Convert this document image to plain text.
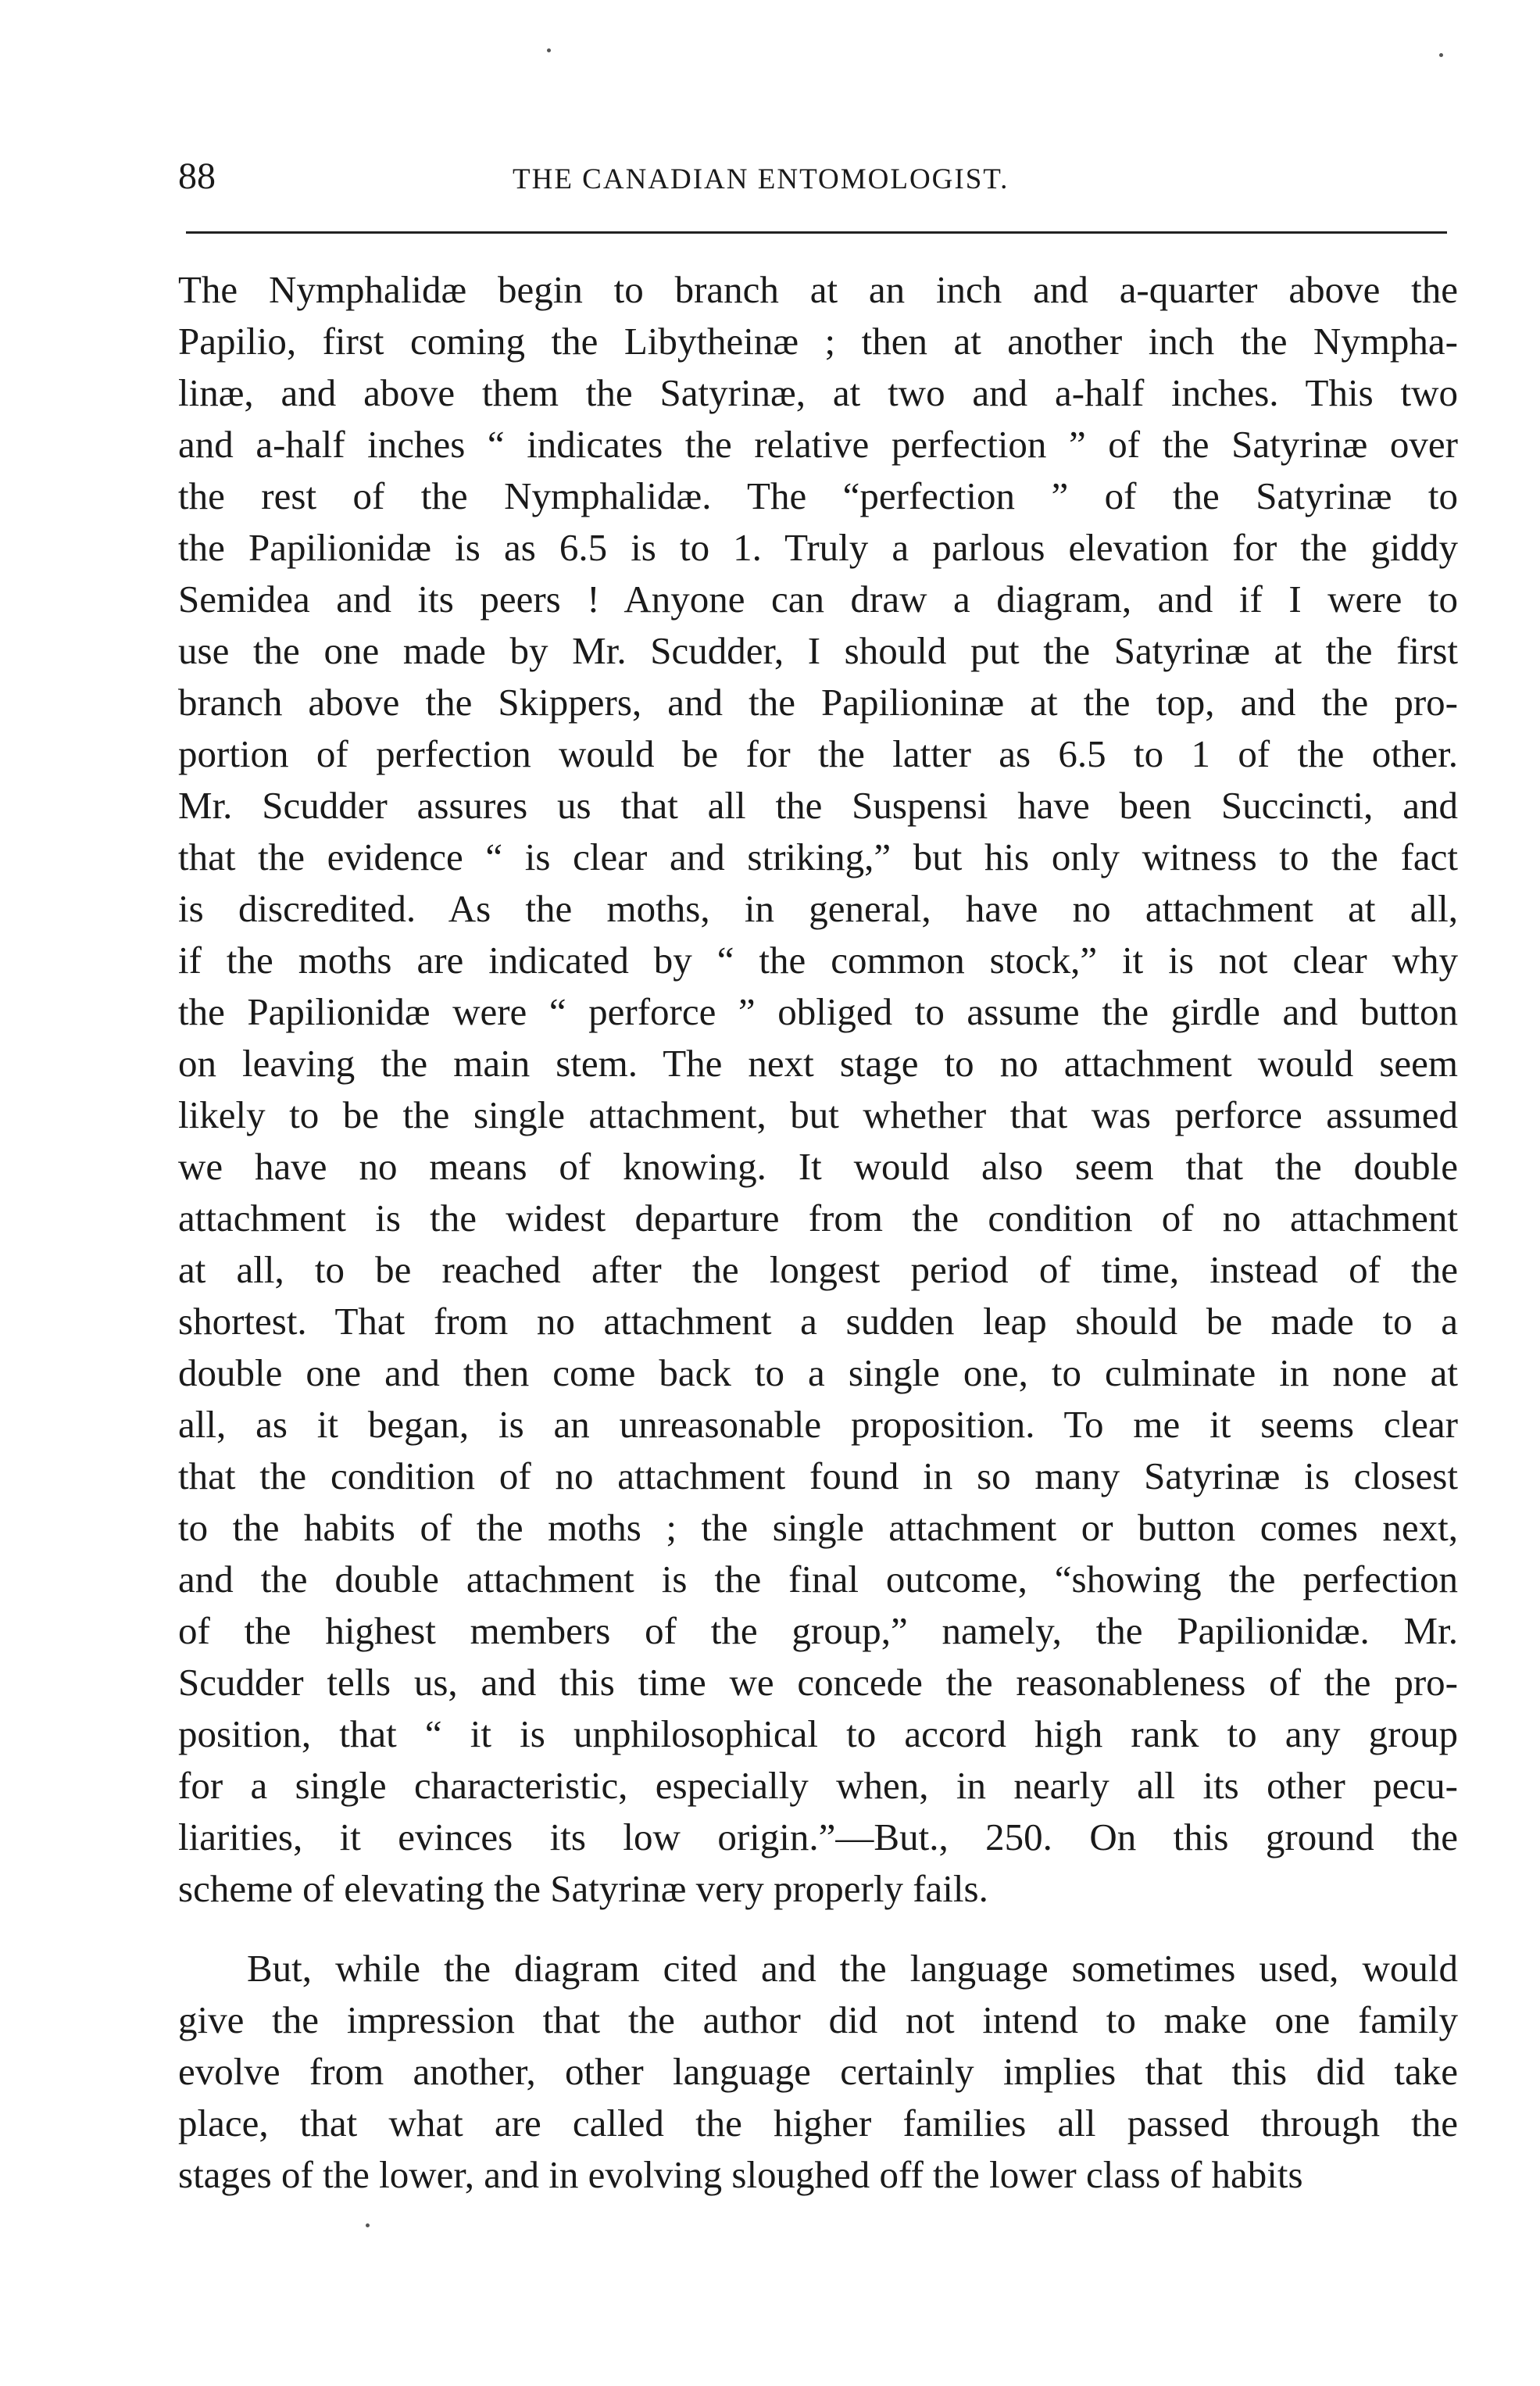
88	THE CANADIAN ENTOMOLOGIST.
The Nymphalidæ begin to branch at an inch and a-quarter above the
Papilio, first coming the Libytheinæ ; then at another inch the Nympha-
linæ, and above them the Satyrinæ, at two and a-half inches. This two
and a-half inches “ indicates the relative perfection ” of the Satyrinæ over
the rest of the Nymphalidæ. The “perfection ” of the Satyrinæ to
the Papilionidæ is as 6.5 is to 1. Truly a parlous elevation for the giddy
Semidea and its peers ! Anyone can draw a diagram, and if I were to
use the one made by Mr. Scudder, I should put the Satyrinæ at the first
branch above the Skippers, and the Papilioninæ at the top, and the pro-
portion of perfection would be for the latter as 6.5 to 1 of the other.
Mr. Scudder assures us that all the Suspensi have been Succincti, and
that the evidence “ is clear and striking,” but his only witness to the fact
is discredited. As the moths, in general, have no attachment at all,
if the moths are indicated by “ the common stock,” it is not clear why
the Papilionidæ were “ perforce ” obliged to assume the girdle and button
on leaving the main stem. The next stage to no attachment would seem
likely to be the single attachment, but whether that was perforce assumed
we have no means of knowing. It would also seem that the double
attachment is the widest departure from the condition of no attachment
at all, to be reached after the longest period of time, instead of the
shortest. That from no attachment a sudden leap should be made to a
double one and then come back to a single one, to culminate in none at
all, as it began, is an unreasonable proposition. To me it seems clear
that the condition of no attachment found in so many Satyrinæ is closest
to the habits of the moths ; the single attachment or button comes next,
and the double attachment is the final outcome, “showing the perfection
of the highest members of the group,” namely, the Papilionidæ. Mr.
Scudder tells us, and this time we concede the reasonableness of the pro-
position, that “ it is unphilosophical to accord high rank to any group
for a single characteristic, especially when, in nearly all its other pecu-
liarities, it evinces its low origin.”—But., 250. On this ground the
scheme of elevating the Satyrinæ very properly fails.
But, while the diagram cited and the language sometimes used, would
give the impression that the author did not intend to make one family
evolve from another, other language certainly implies that this did take
place, that what are called the higher families all passed through the
stages of the lower, and in evolving sloughed off the lower class of habits
